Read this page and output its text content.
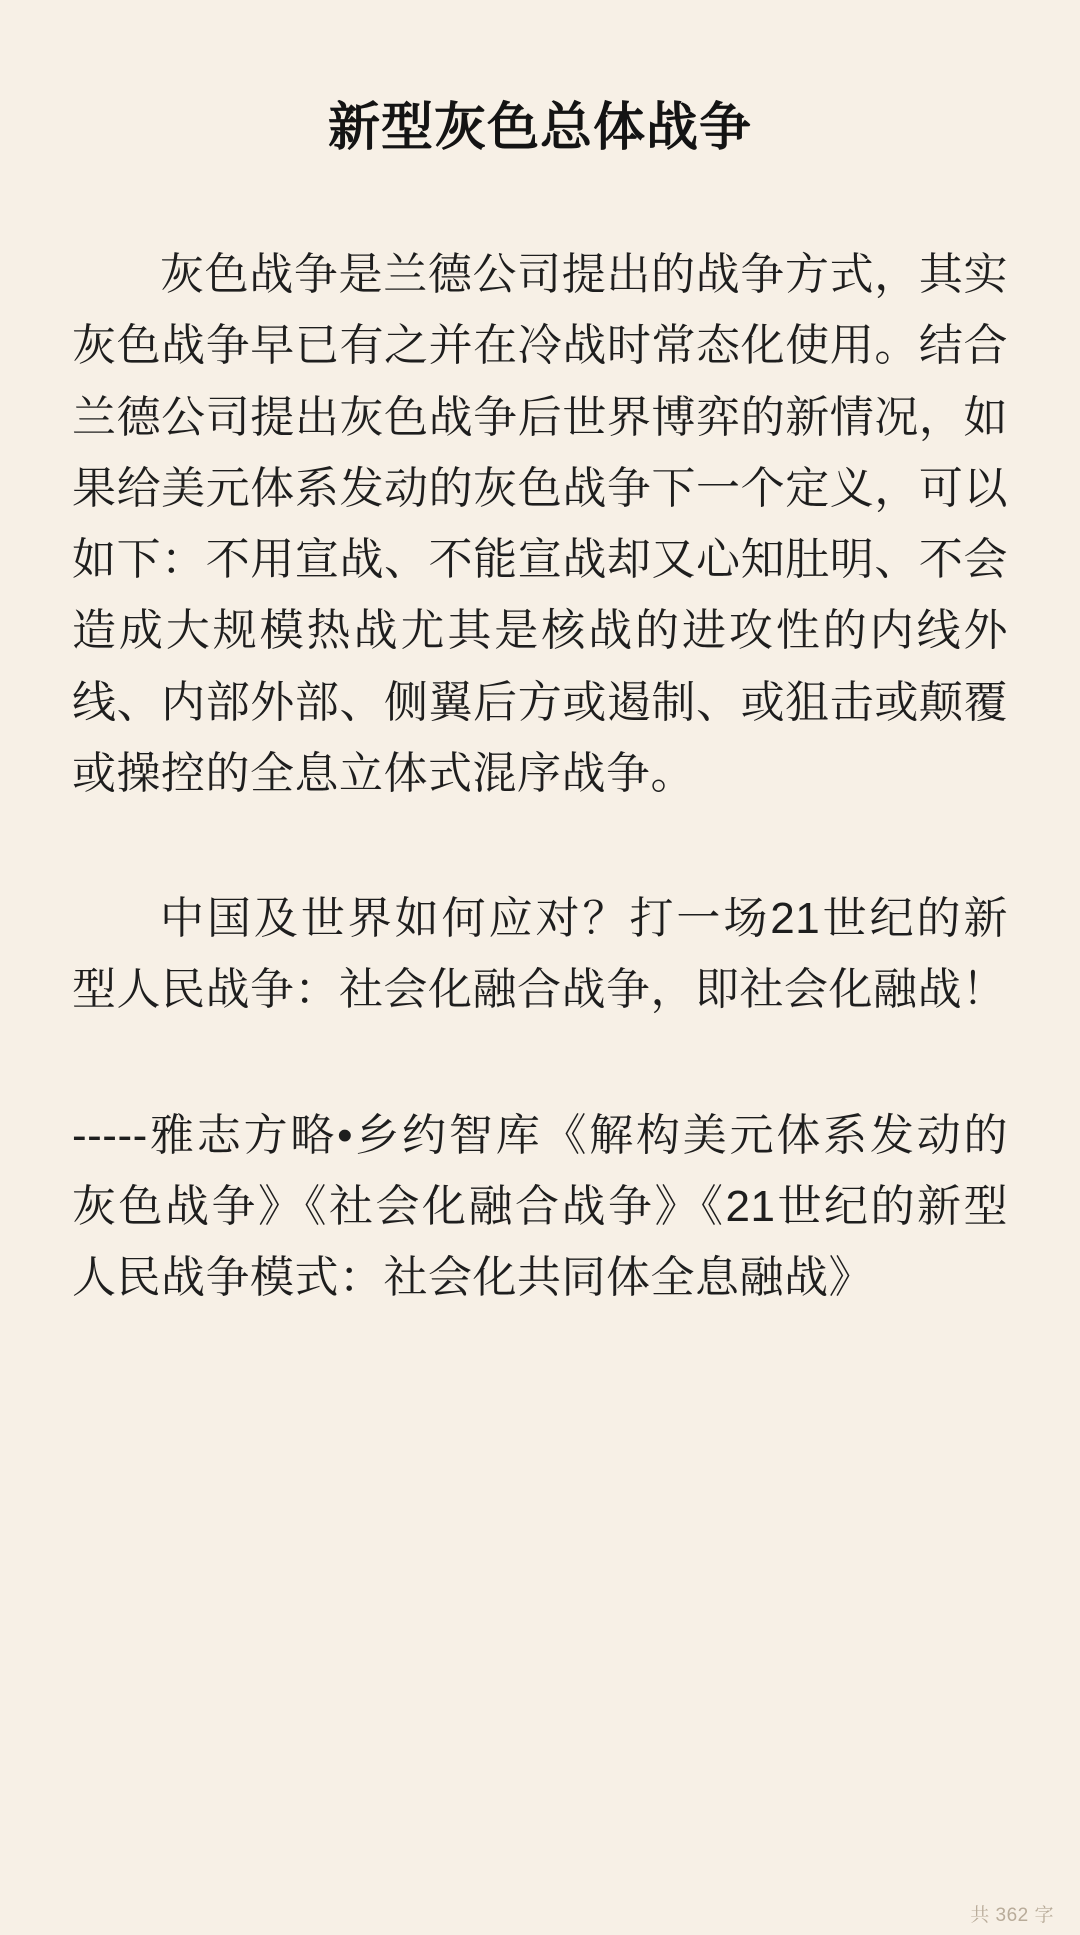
新型灰色总体战争

灰色战争是兰德公司提出的战争方式，其实灰色战争早已有之并在冷战时常态化使用。结合兰德公司提出灰色战争后世界博弈的新情况，如果给美元体系发动的灰色战争下一个定义，可以如下：不用宣战、不能宣战却又心知肚明、不会造成大规模热战尤其是核战的进攻性的内线外线、内部外部、侧翼后方或遏制、或狙击或颠覆或操控的全息立体式混序战争。

中国及世界如何应对？打一场21世纪的新型人民战争：社会化融合战争，即社会化融战！

-----雅志方略•乡约智库《解构美元体系发动的灰色战争》《社会化融合战争》《21世纪的新型人民战争模式：社会化共同体全息融战》

共 362 字
